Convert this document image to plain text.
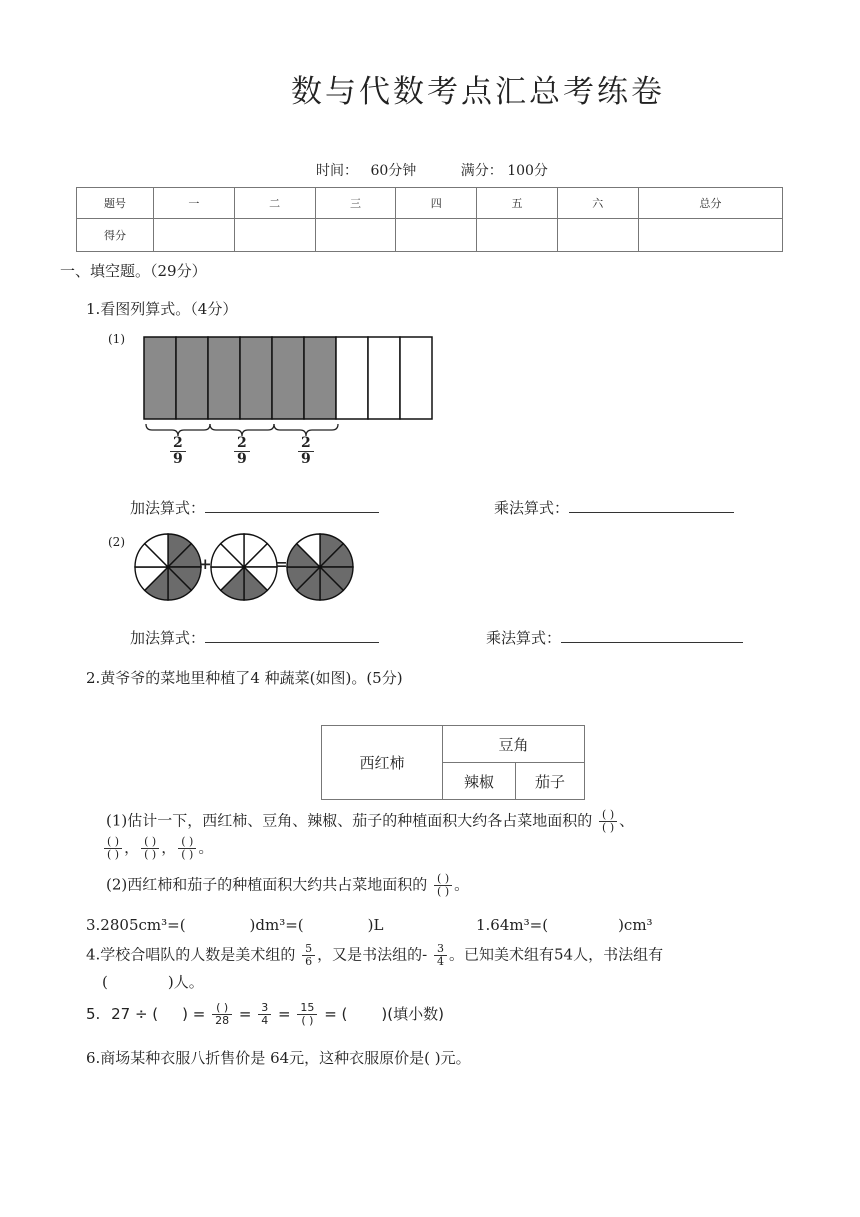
数与代数考点汇总考练卷
时间： 60分钟	满分： 100分
题号	一	二	三	四	五	六	总分
得分							
一、填空题。（29分）
1.看图列算式。（4分）
(1)
$\frac{2}{9}$	$\frac{2}{9}$	$\frac{2}{9}$
加法算式：	乘法算式：
(2)
+	=
加法算式：	乘法算式：
2.黄爷爷的菜地里种植了4 种蔬菜(如图)。(5分)
西红柿	豆角	
	辣椒	茄子
(1)估计一下，西红柿、豆角、辣椒、茄子的种植面积大约各占菜地面积的 $\frac{( )}{( )}$ 、
$\frac{( )}{( )}$ ， $\frac{( )}{( )}$ ， $\frac{( )}{( )}$ 。
(2)西红柿和茄子的种植面积大约共占菜地面积的 $\frac{( )}{( )}$ 。
3.2805cm³=(	)dm³=(	)L	1.64m³=(	)cm³
4.学校合唱队的人数是美术组的 $\frac{5}{6}$ ，又是书法组的- $\frac{3}{4}$ 。已知美术组有54人，书法组有
(	)人。
5. 27 ÷ ( ) = $\frac{( )}{28} = \frac{3}{4} = \frac{15}{( )}$ = ( )(填小数)
6.商场某种衣服八折售价是 64元，这种衣服原价是( )元。
